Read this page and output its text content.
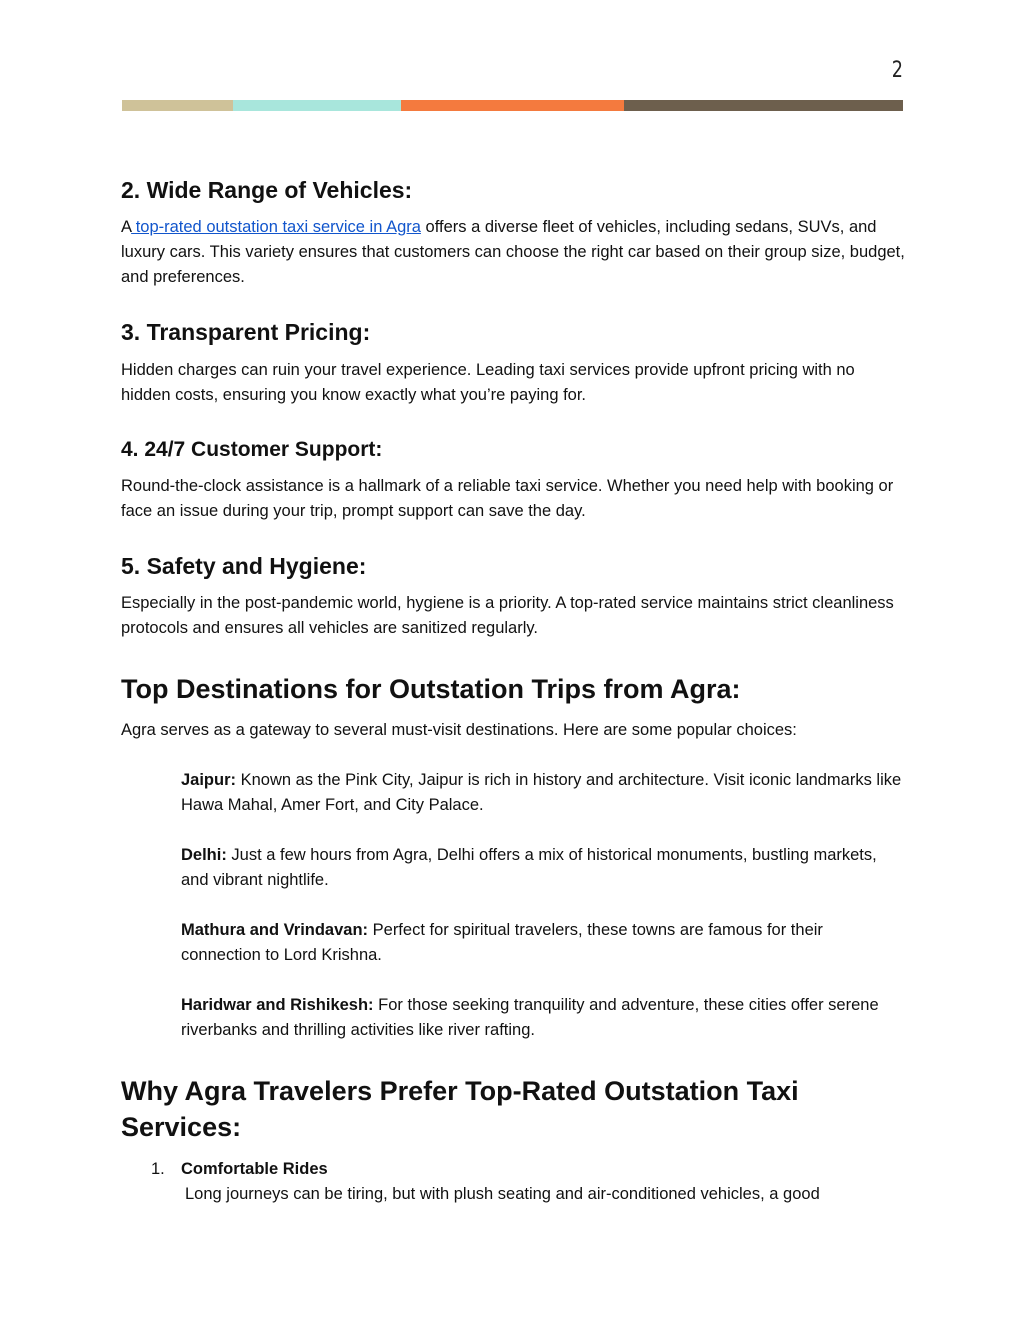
2
2. Wide Range of Vehicles:

A top-rated outstation taxi service in Agra offers a diverse fleet of vehicles, including sedans, SUVs, and luxury cars. This variety ensures that customers can choose the right car based on their group size, budget, and preferences.

3. Transparent Pricing:

Hidden charges can ruin your travel experience. Leading taxi services provide upfront pricing with no hidden costs, ensuring you know exactly what you’re paying for.

4. 24/7 Customer Support:

Round-the-clock assistance is a hallmark of a reliable taxi service. Whether you need help with booking or face an issue during your trip, prompt support can save the day.

5. Safety and Hygiene:

Especially in the post-pandemic world, hygiene is a priority. A top-rated service maintains strict cleanliness protocols and ensures all vehicles are sanitized regularly.

Top Destinations for Outstation Trips from Agra:

Agra serves as a gateway to several must-visit destinations. Here are some popular choices:

Jaipur: Known as the Pink City, Jaipur is rich in history and architecture. Visit iconic landmarks like Hawa Mahal, Amer Fort, and City Palace.

Delhi: Just a few hours from Agra, Delhi offers a mix of historical monuments, bustling markets, and vibrant nightlife.

Mathura and Vrindavan: Perfect for spiritual travelers, these towns are famous for their connection to Lord Krishna.

Haridwar and Rishikesh: For those seeking tranquility and adventure, these cities offer serene riverbanks and thrilling activities like river rafting.

Why Agra Travelers Prefer Top-Rated Outstation Taxi Services:
1. Comfortable Rides
Long journeys can be tiring, but with plush seating and air-conditioned vehicles, a good
